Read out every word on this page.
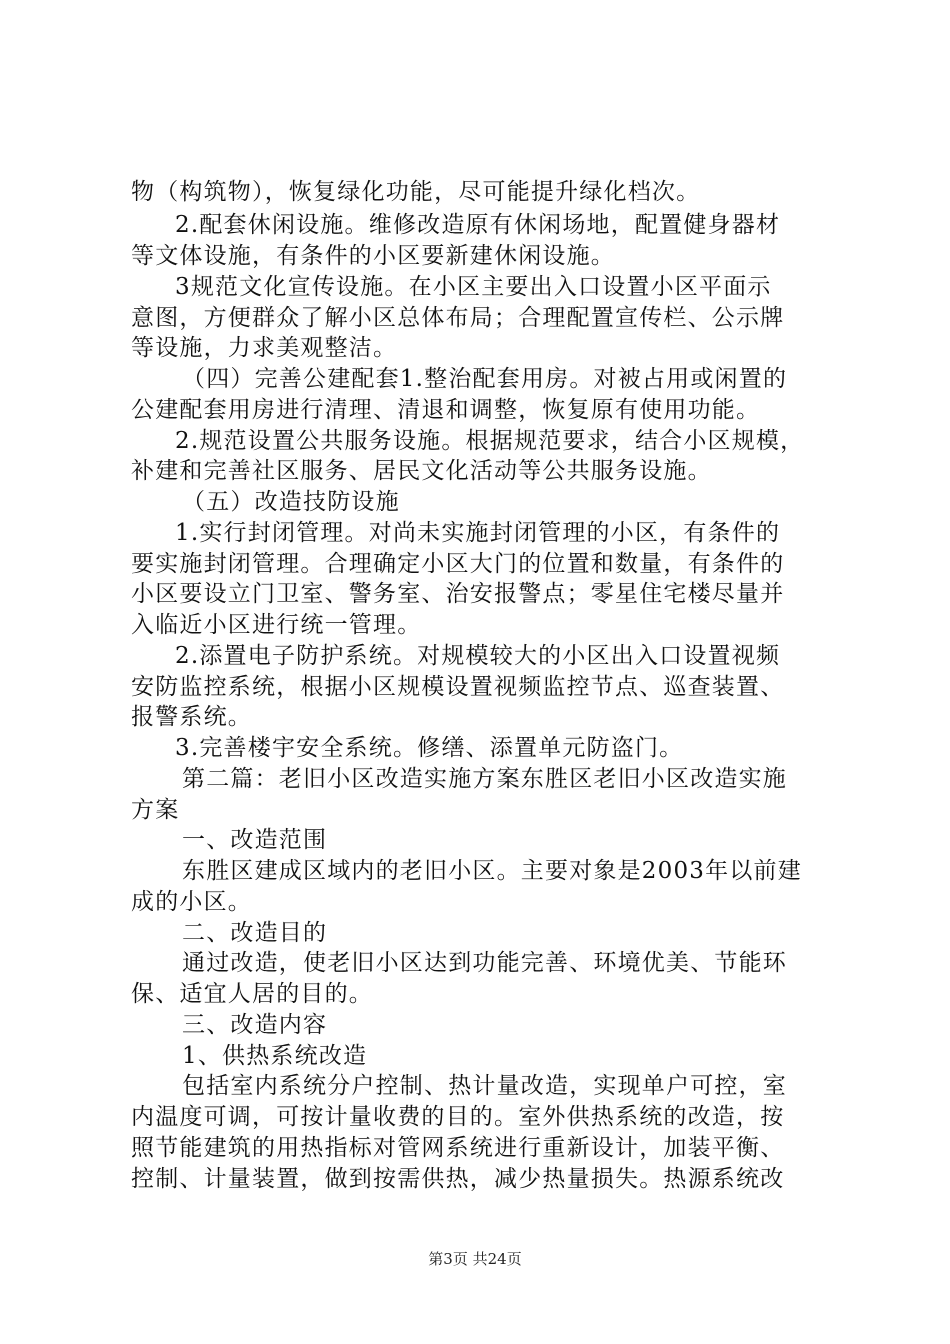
物（构筑物），恢复绿化功能，尽可能提升绿化档次。
2.配套休闲设施。维修改造原有休闲场地，配置健身器材
等文体设施，有条件的小区要新建休闲设施。
3规范文化宣传设施。在小区主要出入口设置小区平面示
意图，方便群众了解小区总体布局；合理配置宣传栏、公示牌
等设施，力求美观整洁。
（四）完善公建配套1.整治配套用房。对被占用或闲置的
公建配套用房进行清理、清退和调整，恢复原有使用功能。
2.规范设置公共服务设施。根据规范要求，结合小区规模，
补建和完善社区服务、居民文化活动等公共服务设施。
（五）改造技防设施
1.实行封闭管理。对尚未实施封闭管理的小区，有条件的
要实施封闭管理。合理确定小区大门的位置和数量，有条件的
小区要设立门卫室、警务室、治安报警点；零星住宅楼尽量并
入临近小区进行统一管理。
2.添置电子防护系统。对规模较大的小区出入口设置视频
安防监控系统，根据小区规模设置视频监控节点、巡查装置、
报警系统。
3.完善楼宇安全系统。修缮、添置单元防盗门。
第二篇：老旧小区改造实施方案东胜区老旧小区改造实施
方案
一、改造范围
东胜区建成区域内的老旧小区。主要对象是2003年以前建
成的小区。
二、改造目的
通过改造，使老旧小区达到功能完善、环境优美、节能环
保、适宜人居的目的。
三、改造内容
1、供热系统改造
包括室内系统分户控制、热计量改造，实现单户可控，室
内温度可调，可按计量收费的目的。室外供热系统的改造，按
照节能建筑的用热指标对管网系统进行重新设计，加装平衡、
控制、计量装置，做到按需供热，减少热量损失。热源系统改
第3页 共24页
